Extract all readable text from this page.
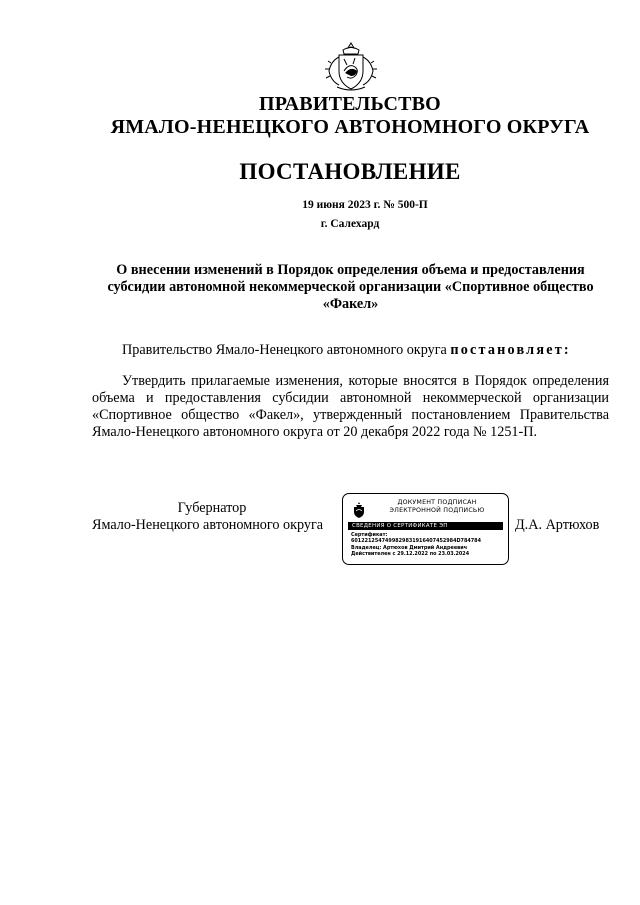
ПРАВИТЕЛЬСТВО
ЯМАЛО-НЕНЕЦКОГО АВТОНОМНОГО ОКРУГА
ПОСТАНОВЛЕНИЕ
19 июня 2023 г. № 500-П
г. Салехард
О внесении изменений в Порядок определения объема и предоставления субсидии автономной некоммерческой организации «Спортивное общество «Факел»
Правительство Ямало-Ненецкого автономного округа постановляет:
Утвердить прилагаемые изменения, которые вносятся в Порядок определения объема и предоставления субсидии автономной некоммерческой организации «Спортивное общество «Факел», утвержденный постановлением Правительства Ямало-Ненецкого автономного округа от 20 декабря 2022 года № 1251-П.
Губернатор
Ямало-Ненецкого автономного округа
ДОКУМЕНТ ПОДПИСАН
ЭЛЕКТРОННОЙ ПОДПИСЬЮ
СВЕДЕНИЯ О СЕРТИФИКАТЕ ЭП
Сертификат:
6012212547499829831916407452984D784784
Владелец: Артюхов Дмитрий Андреевич
Действителен с 29.12.2022 по 23.03.2024
Д.А. Артюхов
